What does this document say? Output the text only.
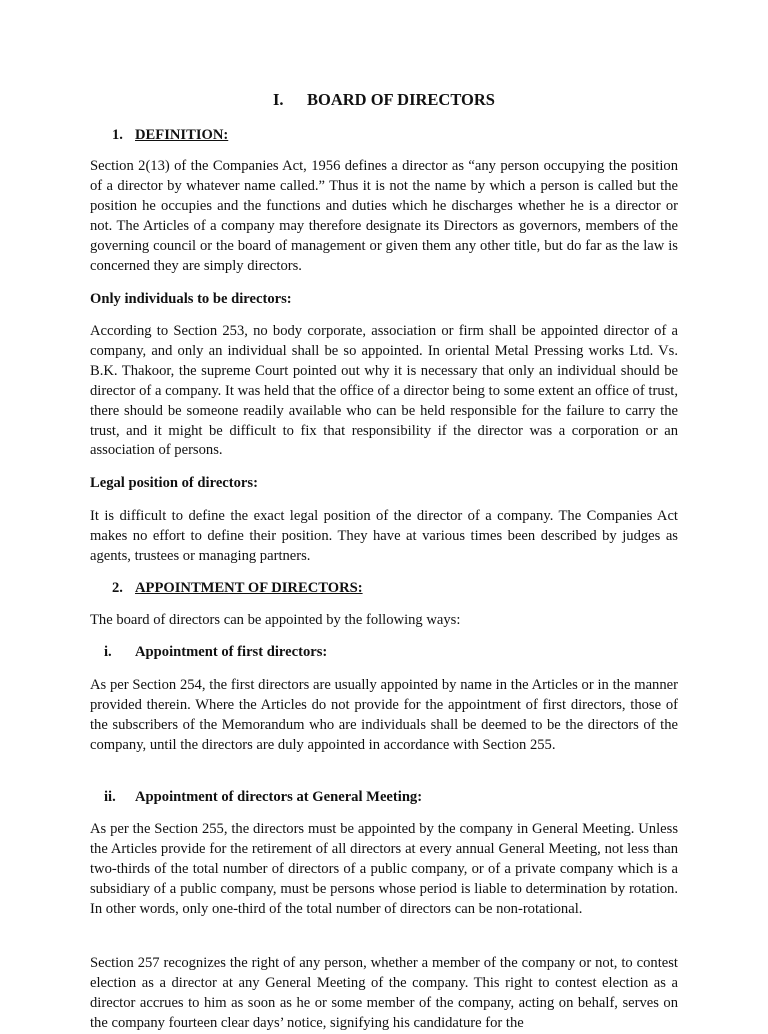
I. BOARD OF DIRECTORS
1. DEFINITION:

Section 2(13) of the Companies Act, 1956 defines a director as “any person occupying the position of a director by whatever name called.” Thus it is not the name by which a person is called but the position he occupies and the functions and duties which he discharges whether he is a director or not. The Articles of a company may therefore designate its Directors as governors, members of the governing council or the board of management or given them any other title, but do far as the law is concerned they are simply directors.

Only individuals to be directors:

According to Section 253, no body corporate, association or firm shall be appointed director of a company, and only an individual shall be so appointed. In oriental Metal Pressing works Ltd. Vs. B.K. Thakoor, the supreme Court pointed out why it is necessary that only an individual should be director of a company. It was held that the office of a director being to some extent an office of trust, there should be someone readily available who can be held responsible for the failure to carry the trust, and it might be difficult to fix that responsibility if the director was a corporation or an association of persons.

Legal position of directors:

It is difficult to define the exact legal position of the director of a company. The Companies Act makes no effort to define their position. They have at various times been described by judges as agents, trustees or managing partners.

2. APPOINTMENT OF DIRECTORS:

The board of directors can be appointed by the following ways:

i. Appointment of first directors:

As per Section 254, the first directors are usually appointed by name in the Articles or in the manner provided therein. Where the Articles do not provide for the appointment of first directors, those of the subscribers of the Memorandum who are individuals shall be deemed to be the directors of the company, until the directors are duly appointed in accordance with Section 255.

ii. Appointment of directors at General Meeting:

As per the Section 255, the directors must be appointed by the company in General Meeting. Unless the Articles provide for the retirement of all directors at every annual General Meeting, not less than two-thirds of the total number of directors of a public company, or of a private company which is a subsidiary of a public company, must be persons whose period is liable to determination by rotation. In other words, only one-third of the total number of directors can be non-rotational.

Section 257 recognizes the right of any person, whether a member of the company or not, to contest election as a director at any General Meeting of the company. This right to contest election as a director accrues to him as soon as he or some member of the company, acting on behalf, serves on the company fourteen clear days’ notice, signifying his candidature for the
